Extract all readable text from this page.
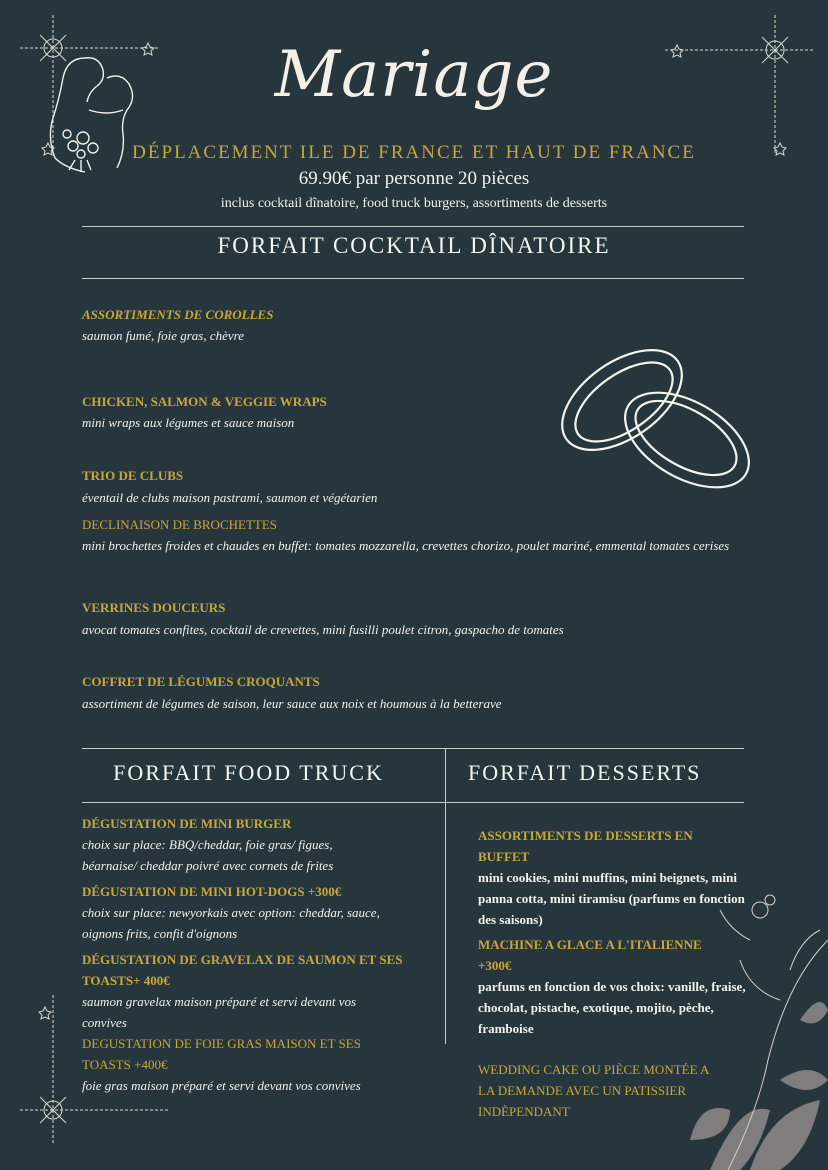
Mariage
DÉPLACEMENT ILE DE FRANCE ET HAUT DE FRANCE
69.90€ par personne 20 pièces
inclus cocktail dînatoire, food truck burgers, assortiments de desserts
FORFAIT COCKTAIL DÎNATOIRE
ASSORTIMENTS DE COROLLES
saumon fumé, foie gras, chèvre
CHICKEN, SALMON & VEGGIE WRAPS
mini wraps aux légumes et sauce maison
TRIO DE CLUBS
éventail de clubs maison pastrami, saumon et végétarien
DECLINAISON DE BROCHETTES
mini brochettes froides et chaudes en buffet: tomates mozzarella, crevettes chorizo, poulet mariné, emmental tomates cerises
VERRINES DOUCEURS
avocat tomates confites, cocktail de crevettes, mini fusilli poulet citron, gaspacho de tomates
COFFRET DE LÉGUMES CROQUANTS
assortiment de légumes de saison, leur sauce aux noix et houmous à la betterave
FORFAIT FOOD TRUCK	FORFAIT DESSERTS
DÉGUSTATION DE MINI BURGER
choix sur place: BBQ/cheddar, foie gras/ figues, béarnaise/ cheddar poivré avec cornets de frites
DÉGUSTATION DE MINI HOT-DOGS +300€
choix sur place: newyorkais avec option: cheddar, sauce, oignons frits, confit d'oignons
DÉGUSTATION DE GRAVELAX DE SAUMON ET SES TOASTS+ 400€
saumon gravelax maison préparé et servi devant vos convives
DEGUSTATION DE FOIE GRAS MAISON ET SES TOASTS +400€
foie gras maison préparé et servi devant vos convives
ASSORTIMENTS DE DESSERTS EN BUFFET
mini cookies, mini muffins, mini beignets, mini panna cotta, mini tiramisu (parfums en fonction des saisons)
MACHINE A GLACE A L'ITALIENNE +300€
parfums en fonction de vos choix: vanille, fraise, chocolat, pistache, exotique, mojito, pèche, framboise
WEDDING CAKE OU PIÈCE MONTÉE A LA DEMANDE AVEC UN PATISSIER INDÈPENDANT
